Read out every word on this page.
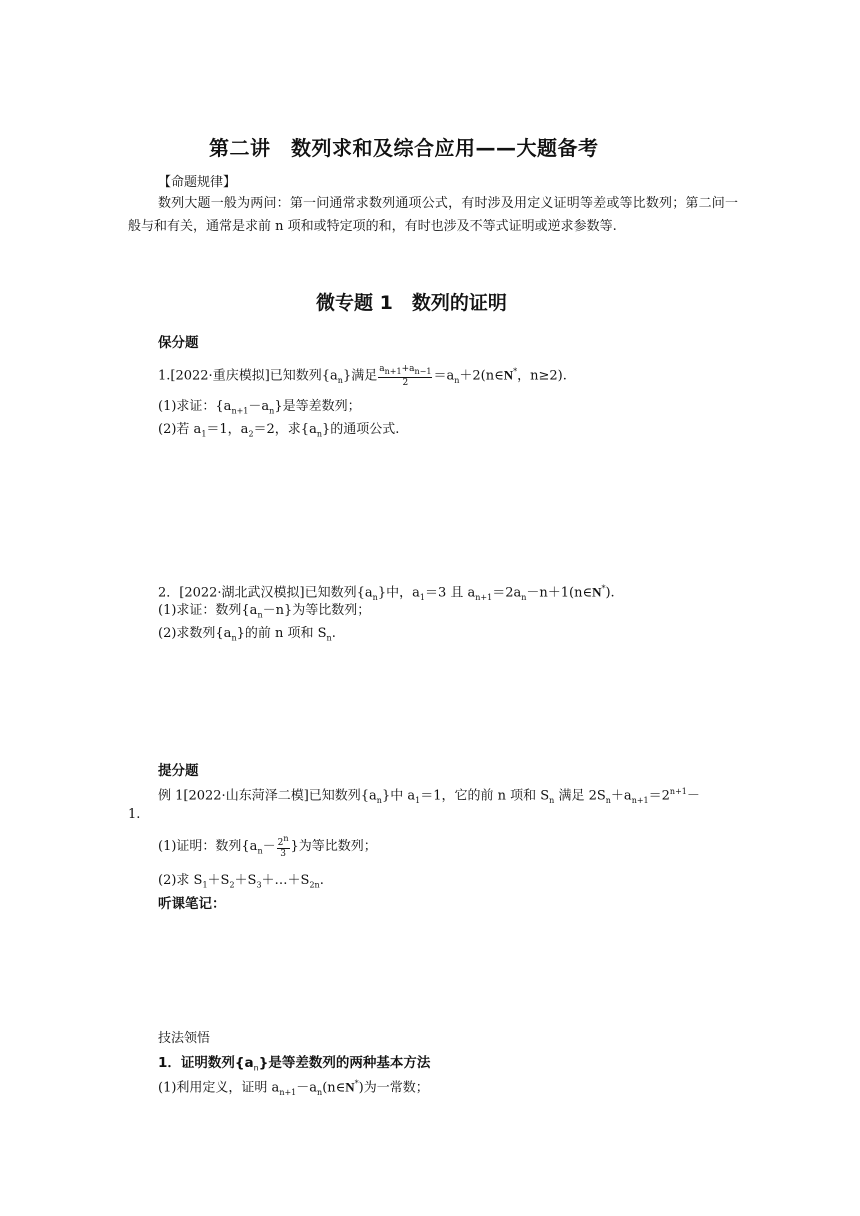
第二讲　数列求和及综合应用——大题备考
【命题规律】
数列大题一般为两问：第一问通常求数列通项公式，有时涉及用定义证明等差或等比数列；第二问一般与和有关，通常是求前 n 项和或特定项的和，有时也涉及不等式证明或逆求参数等.
微专题 1　数列的证明
保分题
1.[2022·重庆模拟]已知数列$\{a_n\}$满足 $\frac{a_{n+1}+a_{n-1}}{2}$ $=a_n+2(n\in N^*$，n≥2).
(1)求证：$\{a_{n+1}-a_n\}$是等差数列；
(2)若 $a_1=1$，$a_2=2$，求$\{a_n\}$的通项公式.
2．[2022·湖北武汉模拟]已知数列$\{a_n\}$中，$a_1=3$ 且 $a_{n+1}=2a_n-n+1(n\in N^*)$.
(1)求证：数列$\{a_n-n\}$为等比数列；
(2)求数列$\{a_n\}$的前 n 项和 $S_n$.
提分题
例 1[2022·山东菏泽二模]已知数列$\{a_n\}$中 $a_1=1$，它的前 n 项和 $S_n$ 满足 $2S_n+a_{n+1}=2^{n+1}-$
1.
(1)证明：数列{$a_n- \frac{2^n}{3}$ }为等比数列；
(2)求 $S_1+S_2+S_3+\dots+S_{2n}$.
听课笔记：
技法领悟
1．证明数列$\{a_n\}$是等差数列的两种基本方法
(1)利用定义，证明 $a_{n+1}-a_n(n\in N^*)$为一常数；
